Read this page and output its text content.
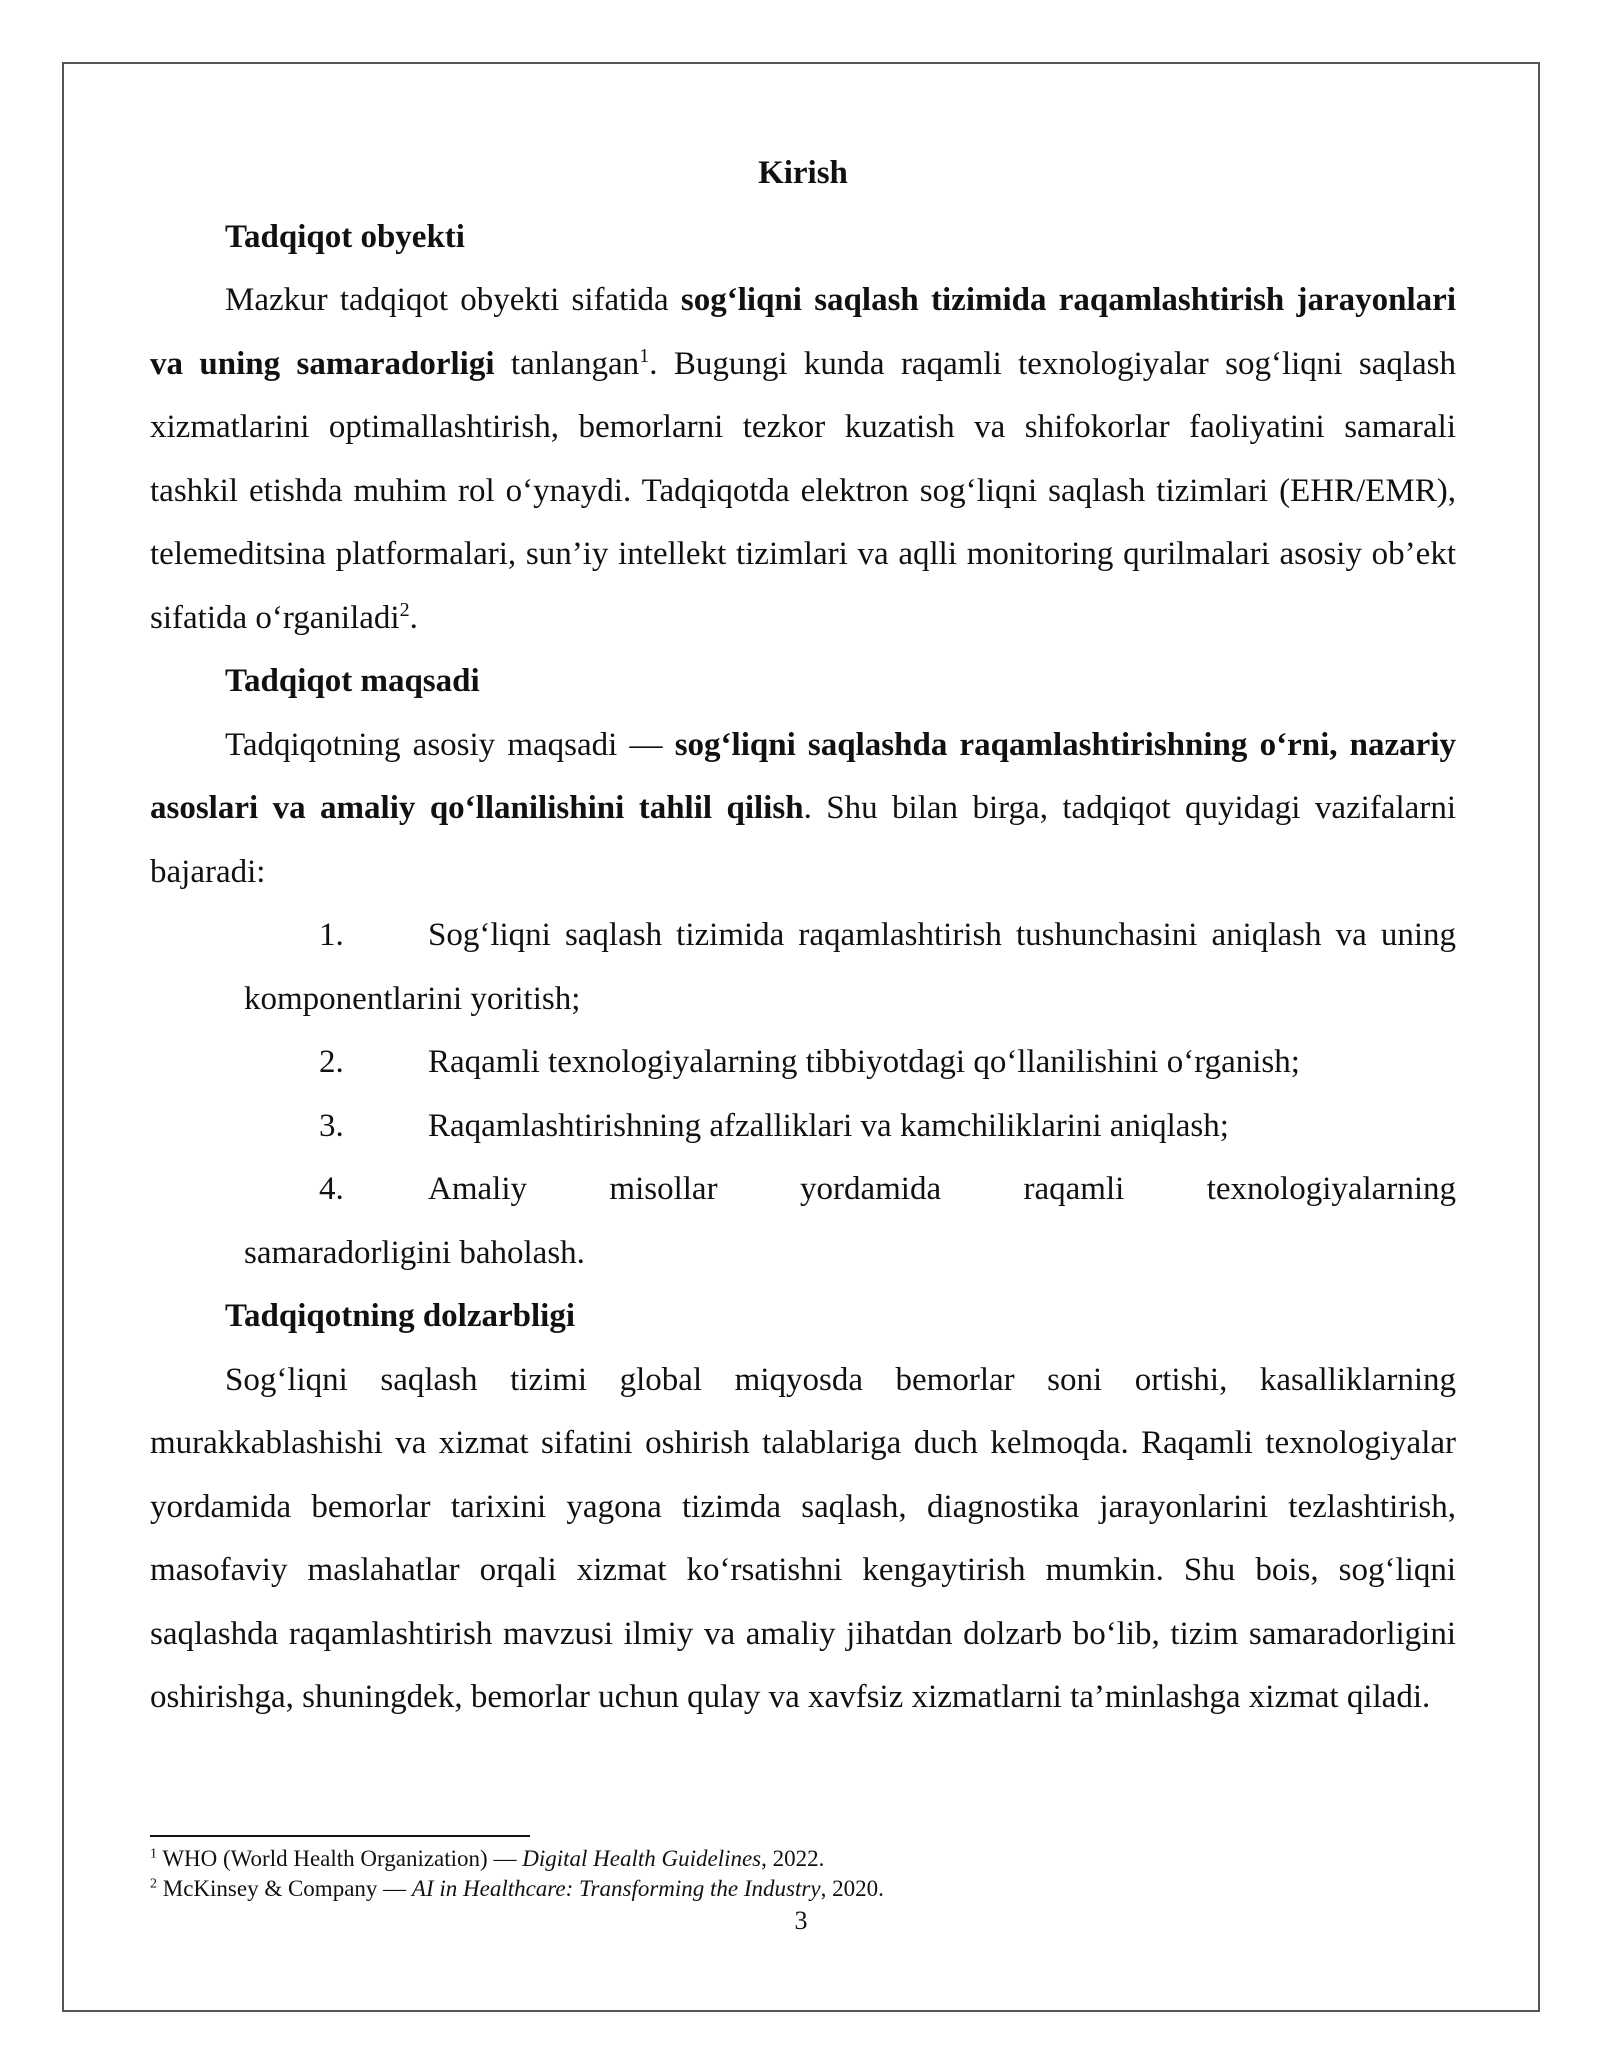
Kirish

Tadqiqot obyekti

Mazkur tadqiqot obyekti sifatida sog‘liqni saqlash tizimida raqamlashtirish jarayonlari va uning samaradorligi tanlangan$^1$. Bugungi kunda raqamli texnologiyalar sog‘liqni saqlash xizmatlarini optimallashtirish, bemorlarni tezkor kuzatish va shifokorlar faoliyatini samarali tashkil etishda muhim rol o‘ynaydi. Tadqiqotda elektron sog‘liqni saqlash tizimlari (EHR/EMR), telemeditsina platformalari, sun’iy intellekt tizimlari va aqlli monitoring qurilmalari asosiy ob’ekt sifatida o‘rganiladi$^2$.

Tadqiqot maqsadi

Tadqiqotning asosiy maqsadi — sog‘liqni saqlashda raqamlashtirishning o‘rni, nazariy asoslari va amaliy qo‘llanilishini tahlil qilish. Shu bilan birga, tadqiqot quyidagi vazifalarni bajaradi:

1.	Sog‘liqni saqlash tizimida raqamlashtirish tushunchasini aniqlash va uning komponentlarini yoritish;

2.	Raqamli texnologiyalarning tibbiyotdagi qo‘llanilishini o‘rganish;

3.	Raqamlashtirishning afzalliklari va kamchiliklarini aniqlash;

4.	Amaliy misollar yordamida raqamli texnologiyalarning

samaradorligini baholash.

Tadqiqotning dolzarbligi

Sog‘liqni saqlash tizimi global miqyosda bemorlar soni ortishi, kasalliklarning murakkablashishi va xizmat sifatini oshirish talablariga duch kelmoqda. Raqamli texnologiyalar yordamida bemorlar tarixini yagona tizimda saqlash, diagnostika jarayonlarini tezlashtirish, masofaviy maslahatlar orqali xizmat ko‘rsatishni kengaytirish mumkin. Shu bois, sog‘liqni saqlashda raqamlashtirish mavzusi ilmiy va amaliy jihatdan dolzarb bo‘lib, tizim samaradorligini oshirishga, shuningdek, bemorlar uchun qulay va xavfsiz xizmatlarni ta’minlashga xizmat qiladi.

$^1$ WHO (World Health Organization) — Digital Health Guidelines, 2022.

$^2$ McKinsey & Company — AI in Healthcare: Transforming the Industry, 2020.

3
